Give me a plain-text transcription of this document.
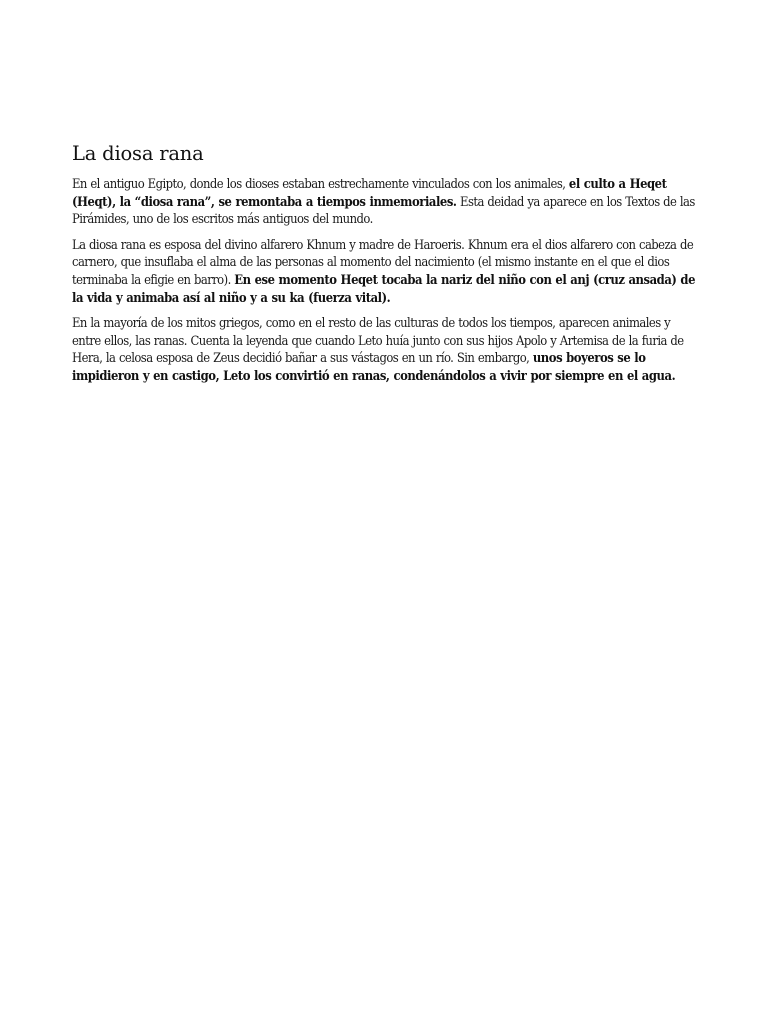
La diosa rana

En el antiguo Egipto, donde los dioses estaban estrechamente vinculados con los animales, el culto a Heqet (Heqt), la “diosa rana”, se remontaba a tiempos inmemoriales. Esta deidad ya aparece en los Textos de las Pirámides, uno de los escritos más antiguos del mundo.

La diosa rana es esposa del divino alfarero Khnum y madre de Haroeris. Khnum era el dios alfarero con cabeza de carnero, que insuflaba el alma de las personas al momento del nacimiento (el mismo instante en el que el dios terminaba la efigie en barro). En ese momento Heqet tocaba la nariz del niño con el anj (cruz ansada) de la vida y animaba así al niño y a su ka (fuerza vital).

En la mayoría de los mitos griegos, como en el resto de las culturas de todos los tiempos, aparecen animales y entre ellos, las ranas. Cuenta la leyenda que cuando Leto huía junto con sus hijos Apolo y Artemisa de la furia de Hera, la celosa esposa de Zeus decidió bañar a sus vástagos en un río. Sin embargo, unos boyeros se lo impidieron y en castigo, Leto los convirtió en ranas, condenándolos a vivir por siempre en el agua.
